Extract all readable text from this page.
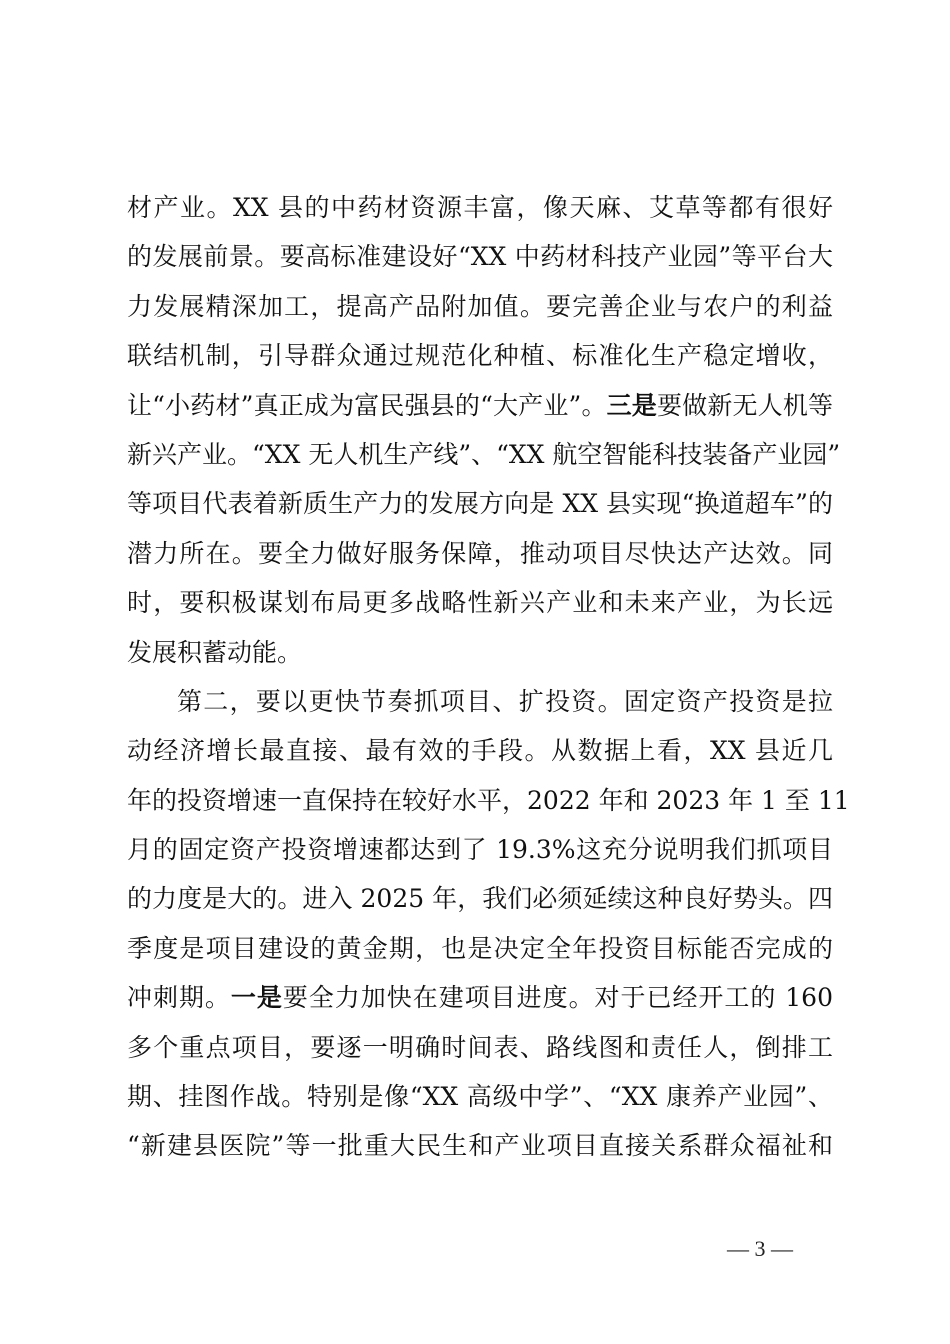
材产业。XX 县的中药材资源丰富，像天麻、艾草等都有很好
的发展前景。要高标准建设好“XX 中药材科技产业园”等平台大
力发展精深加工，提高产品附加值。要完善企业与农户的利益
联结机制，引导群众通过规范化种植、标准化生产稳定增收，
让“小药材”真正成为富民强县的“大产业”。三是要做新无人机等
新兴产业。“XX 无人机生产线”、“XX 航空智能科技装备产业园”
等项目代表着新质生产力的发展方向是 XX 县实现“换道超车”的
潜力所在。要全力做好服务保障，推动项目尽快达产达效。同
时，要积极谋划布局更多战略性新兴产业和未来产业，为长远
发展积蓄动能。
第二，要以更快节奏抓项目、扩投资。固定资产投资是拉
动经济增长最直接、最有效的手段。从数据上看，XX 县近几
年的投资增速一直保持在较好水平，2022 年和 2023 年 1 至 11
月的固定资产投资增速都达到了 19.3%这充分说明我们抓项目
的力度是大的。进入 2025 年，我们必须延续这种良好势头。四
季度是项目建设的黄金期，也是决定全年投资目标能否完成的
冲刺期。一是要全力加快在建项目进度。对于已经开工的 160
多个重点项目，要逐一明确时间表、路线图和责任人，倒排工
期、挂图作战。特别是像“XX 高级中学”、“XX 康养产业园”、
“新建县医院”等一批重大民生和产业项目直接关系群众福祉和
— 3 —
